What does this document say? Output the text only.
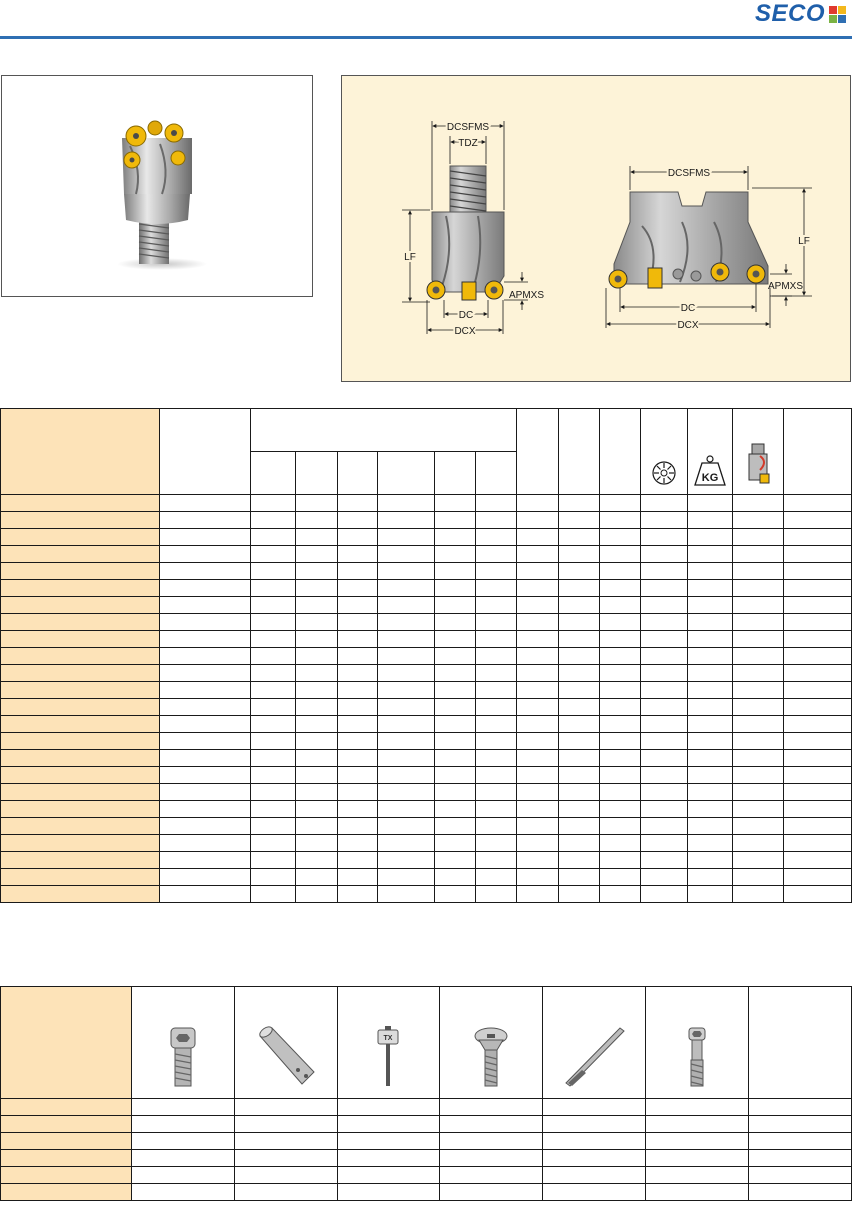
SECO
DCSFMS
TDZ
LF
APMXS
DC
DCX
DCSFMS
LF
APMXS
DC
DCX

KG

TX
